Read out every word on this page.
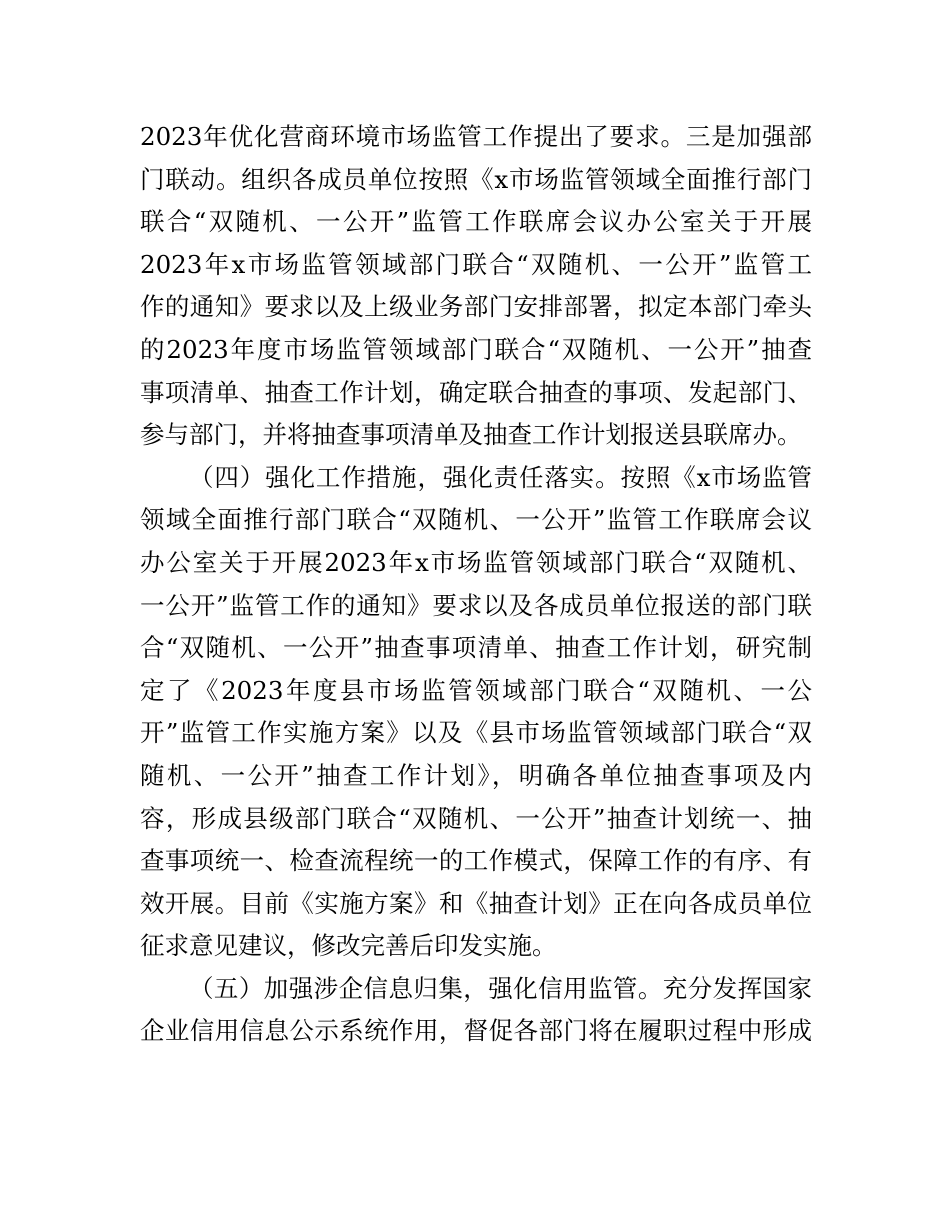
2023年优化营商环境市场监管工作提出了要求。三是加强部
门联动。组织各成员单位按照《x市场监管领域全面推行部门
联合“双随机、一公开”监管工作联席会议办公室关于开展
2023年x市场监管领域部门联合“双随机、一公开”监管工
作的通知》要求以及上级业务部门安排部署，拟定本部门牵头
的2023年度市场监管领域部门联合“双随机、一公开”抽查
事项清单、抽查工作计划，确定联合抽查的事项、发起部门、
参与部门，并将抽查事项清单及抽查工作计划报送县联席办。
（四）强化工作措施，强化责任落实。按照《x市场监管
领域全面推行部门联合“双随机、一公开”监管工作联席会议
办公室关于开展2023年x市场监管领域部门联合“双随机、
一公开”监管工作的通知》要求以及各成员单位报送的部门联
合“双随机、一公开”抽查事项清单、抽查工作计划，研究制
定了《2023年度县市场监管领域部门联合“双随机、一公
开”监管工作实施方案》以及《县市场监管领域部门联合“双
随机、一公开”抽查工作计划》，明确各单位抽查事项及内
容，形成县级部门联合“双随机、一公开”抽查计划统一、抽
查事项统一、检查流程统一的工作模式，保障工作的有序、有
效开展。目前《实施方案》和《抽查计划》正在向各成员单位
征求意见建议，修改完善后印发实施。
（五）加强涉企信息归集，强化信用监管。充分发挥国家
企业信用信息公示系统作用，督促各部门将在履职过程中形成
